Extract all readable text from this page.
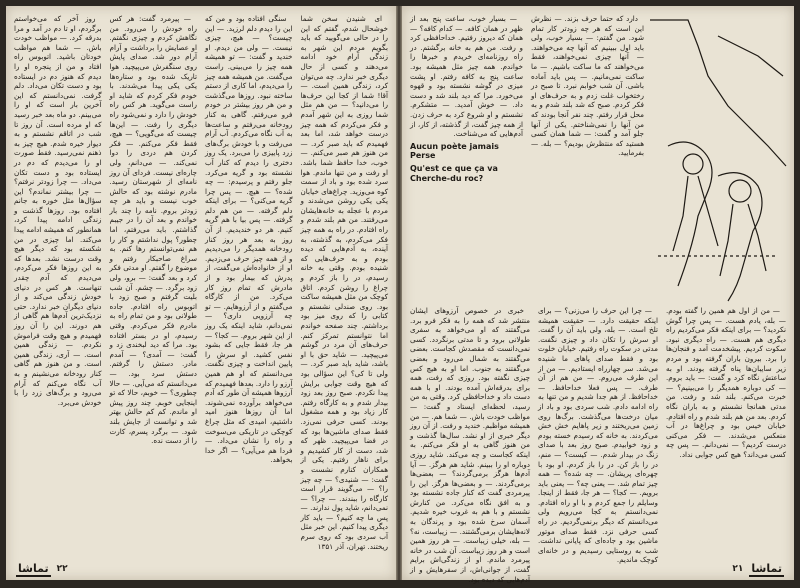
ای شنیدن سخن شما خوشحال شدم، گفتم که این را در حالی می‌گویید که باید بگویم مردم این شهر به زندگی آرام خود ادامه می‌دهند و کسی از حال دیگری خبر ندارد. چه می‌توان کرد، زندگی همین است. — آقا! شما از کجا این حرف‌ها را می‌دانید؟ — من هم مثل شما روزی به این شهر آمدم و فکر می‌کردم که همه چیز درست خواهد شد، اما بعد فهمیدم که باید صبر کرد. — من هنوز هم صبر می‌کنم. — خوب، خدا حافظ شما باشد. او رفت و من تنها ماندم. هوا سرد شده بود و باد از سمت کوه می‌وزید. چراغ‌های خیابان یکی یکی روشن می‌شدند و مردم با عجله به خانه‌هایشان می‌رفتند. من هم بلند شدم و راه افتادم. در راه به همه چیز فکر می‌کردم، به گذشته، به آینده، به آدم‌هایی که دیده بودم و به حرف‌هایی که شنیده بودم. وقتی به خانه رسیدم، در را باز کردم و چراغ را روشن کردم. اتاق کوچک من مثل همیشه ساکت بود. روی صندلی نشستم و کتابی را که روی میز بود برداشتم. چند صفحه خواندم اما نتوانستم تمرکز کنم. حرف‌های آن مرد در گوشم می‌پیچید. — شاید حق با او باشد، شاید باید صبر کرد. — ولی تا کی؟ این سؤالی بود که هیچ وقت جوابی برایش پیدا نکردم. صبح روز بعد زود بیدار شدم و به کارگاه رفتم. کار زیاد بود و همه مشغول بودند. کسی حرفی نمی‌زد. فقط صدای ماشین‌ها بود که در فضا می‌پیچید. ظهر که شد، دست از کار کشیدیم و برای ناهار رفتیم. یکی از همکاران کنارم نشست و گفت: — شنیدی؟ — چه چیز را؟ — می‌گویند قرار است کارگاه را ببندند. — چرا؟ — نمی‌دانم، شاید پول ندارند. — پس ما چه کنیم؟ — باید کار دیگری پیدا کنیم. این خبر مثل آب سردی بود که روی سرم ریختند. تهران، آذر ۱۳۵۱

سنگی افتاده بود و من که این را دیدم دلم لرزید. — این چیست؟ — هیچ، چیزی نیست. — ولی من دیدم. او خندید و گفت: — تو همیشه همه چیز را می‌بینی. راست می‌گفت. من همیشه همه چیز را می‌دیدم، اما کاری از دستم ساخته نبود. روزها می‌گذشت و من هر روز بیشتر در خودم فرو می‌رفتم. گاهی به کنار رودخانه می‌رفتم و ساعت‌ها به آب نگاه می‌کردم. آب آرام می‌رفت و با خودش برگ‌های زرد پاییزی را می‌برد. یک روز دختری را دیدم که کنار آب نشسته بود و گریه می‌کرد. جلو رفتم و پرسیدم: — چه شده؟ — هیچ. — پس چرا گریه می‌کنی؟ — برای اینکه دلم گرفته. — من هم دلم گرفته. — پس بیا با هم گریه کنیم. هر دو خندیدیم. از آن روز به بعد هر روز کنار رودخانه همدیگر را می‌دیدیم و از همه چیز حرف می‌زدیم. او از خانواده‌اش می‌گفت، از پدرش که بیمار بود و از مادرش که تمام روز کار می‌کرد. من از کارگاه می‌گفتم و از آرزوهایم. — تو چه آرزویی داری؟ — نمی‌دانم، شاید اینکه یک روز از این شهر بروم. — کجا؟ — هر جا، فقط جایی که بشود نفس کشید. او سرش را پایین انداخت و چیزی نگفت. می‌دانستم که او هم همین آرزو را دارد. بعدها فهمیدم که آرزوها همیشه آن طور که آدم می‌خواهد برآورده نمی‌شوند. اما آن روزها هنوز امید داشتیم، امیدی که مثل چراغ کوچکی در تاریکی می‌سوخت و راه را نشان می‌داد. — فردا هم می‌آیی؟ — اگر خدا بخواهد.

— پیرمرد گفت: هر کس راه خودش را می‌رود. من نگاهش کردم و چیزی نگفتم. او عصایش را برداشت و آرام آرام دور شد. صدای پایش روی سنگفرش می‌پیچید. هوا تاریک شده بود و ستاره‌ها یکی یکی پیدا می‌شدند. با خودم فکر کردم که شاید او راست می‌گوید. هر کس راه خودش را دارد و نمی‌شود راه دیگری را رفت. — این‌ها چیست که می‌گویی؟ — هیچ، فقط فکر می‌کنم. — فکر کردن هم دردی را دوا نمی‌کند. — می‌دانم، ولی چاره‌ای نیست. فردای آن روز نامه‌ای از شهرستان رسید. مادرم نوشته بود که حالش خوب نیست و باید هر چه زودتر بروم. نامه را چند بار خواندم و بعد آن را در جیبم گذاشتم. باید می‌رفتم، اما چطور؟ پول نداشتم و کار را هم نمی‌توانستم رها کنم. به سراغ صاحبکار رفتم و موضوع را گفتم. او مدتی فکر کرد و بعد گفت: — برو، ولی زود برگرد. — چشم. آن شب بلیت گرفتم و صبح زود با اتوبوس راه افتادم. جاده طولانی بود و من تمام راه به مادرم فکر می‌کردم. وقتی رسیدم، او در بستر افتاده بود. مرا که دید لبخندی زد و گفت: — آمدی؟ — آمدم مادر. دستش را گرفتم. دستش سرد بود. — می‌دانستم که می‌آیی. — حالا چطوری؟ — خوبم، حالا که تو اینجایی خوبم. چند روز پیش او ماندم. کم کم حالش بهتر شد و توانست از جایش بلند شود. — برگرد پسرم، کارت را از دست نده.

روز آخر که می‌خواستم برگردم، او تا دم در آمد و مرا بدرقه کرد. — مواظب خودت باش. — شما هم مواظب خودتان باشید. اتوبوس راه افتاد و من از پنجره او را دیدم که هنوز دم در ایستاده بود و دست تکان می‌داد. دلم گرفت. نمی‌دانستم که این آخرین بار است که او را می‌بینم. دو ماه بعد خبر رسید که او مرده است. آن روز تا شب در اتاقم نشستم و به دیوار خیره شدم. هیچ چیز به ذهنم نمی‌رسید. فقط صورت او را می‌دیدم که دم در ایستاده بود و دست تکان می‌داد. — چرا زودتر نرفتم؟ — چرا بیشتر نماندم؟ این سؤال‌ها مثل خوره به جانم افتاده بود. روزها گذشت و زندگی ادامه پیدا کرد، همانطور که همیشه ادامه پیدا می‌کند. اما چیزی در من شکسته بود که دیگر هیچ وقت درست نشد. بعدها که به این روزها فکر می‌کردم، می‌دیدم که آدم چقدر تنهاست. هر کس در دنیای خودش زندگی می‌کند و از دنیای دیگران خبر ندارد. حتی نزدیک‌ترین آدم‌ها هم گاهی از هم دورند. این را آن روز فهمیدم و هیچ وقت فراموش نکردم. — زندگی همین است. — آری، زندگی همین است. و من هنوز هم گاهی کنار رودخانه می‌نشینم و به آب نگاه می‌کنم که آرام می‌رود و برگ‌های زرد را با خودش می‌برد.

تماشا ۲۲

دارد که حتما حرف بزند. — نظرش این است که هر چه زودتر کار تمام شود. من گفتم: — بسیار خوب، ولی باید اول ببینیم که آنها چه می‌خواهند. — آنها چیزی نمی‌خواهند، فقط می‌خواهند که ما ساکت باشیم. — ما ساکت نمی‌مانیم. — پس باید آماده باشی. آن شب خوابم نبرد. تا صبح در رختخواب غلت زدم و به حرف‌های او فکر کردم. صبح که شد بلند شدم و به محل قرار رفتم. چند نفر آنجا بودند که من آنها را نمی‌شناختم. یکی از آنها جلو آمد و گفت: — شما همان کسی هستید که منتظرش بودیم؟ — بله. — بفرمایید.

— بسیار خوب، ساعت پنج بعد از ظهر در همان کافه. — کدام کافه؟ — همان که دیروز رفتیم. خداحافظی کرد و رفت. من هم به خانه برگشتم. در راه روزنامه‌ای خریدم و خبرها را خواندم. همه چیز مثل همیشه بود. ساعت پنج به کافه رفتم. او پشت میزی در گوشه نشسته بود و قهوه می‌خورد. مرا که دید بلند شد و دست داد. — خوش آمدید. — متشکرم. نشستم و او شروع کرد به حرف زدن. از همه چیز گفت، از گذشته، از کار، از آدم‌هایی که می‌شناخت.

Aucun poète jamais Perse
Qu'est ce que ça va Cherche-du roc?

— من از اول هم همین را گفته بودم. — بله، یادم هست. — پس چرا گوش نکردید؟ — برای اینکه فکر می‌کردیم راه دیگری هم هست. — راه دیگری نبود. سکوت کردیم. پیشخدمت آمد و فنجان‌ها را برد. بیرون باران گرفته بود و مردم زیر سایبان‌ها پناه گرفته بودند. او به ساعتش نگاه کرد و گفت: — باید بروم. — کی دوباره همدیگر را می‌بینیم؟ — خبرت می‌کنم. بلند شد و رفت. من مدتی همانجا نشستم و به باران نگاه کردم. بعد من هم بلند شدم و راه افتادم. خیابان خیس بود و چراغ‌ها در آب منعکس می‌شدند. — فکر می‌کنی درست کردیم؟ — نمی‌دانم. — پس چه کسی می‌داند؟ هیچ کس جوابی نداد.

— چرا این حرف را می‌زنی؟ — برای اینکه حقیقت دارد. — حقیقت همیشه تلخ است. — بله، ولی باید آن را گفت. او سرش را تکان داد و چیزی نگفت. مدتی در سکوت راه رفتیم. خیابان خلوت بود و فقط صدای پاهای ما شنیده می‌شد. سر چهارراه ایستادیم. — من از این طرف می‌روم. — من هم از آن طرف. — پس فعلا خداحافظ. — خداحافظ. از هم جدا شدیم و من تنها به راه ادامه دادم. شب سردی بود و باد از میان درخت‌ها می‌گذشت. برگ‌ها روی زمین می‌ریختند و زیر پاهایم خش خش می‌کردند. به خانه که رسیدم خسته بودم و زود خوابیدم. صبح روز بعد با صدای زنگ در بیدار شدم. — کیست؟ — منم، در را باز کن. در را باز کردم. او بود با چهره‌ای پریشان. — چه شده؟ — همه چیز تمام شد. — یعنی چه؟ — یعنی باید برویم. — کجا؟ — هر جا، فقط از اینجا. وسایلم را جمع کردم و با او راه افتادم. نمی‌دانستم به کجا می‌رویم ولی می‌دانستم که دیگر برنمی‌گردیم. در راه کسی حرفی نزد. فقط صدای موتور ماشین بود و جاده‌ای که پایانی نداشت. شب به روستایی رسیدیم و در خانه‌ای کوچک ماندیم.

خبری در خصوص آرزوهای ایشان منتشر شد که همه را به فکر فرو برد. می‌گفتند که او می‌خواهد به سفری طولانی برود و تا مدتی برنگردد. کسی نمی‌دانست که مقصدش کجاست. بعضی می‌گفتند به شمال می‌رود و بعضی می‌گفتند به جنوب. اما او به هیچ کس چیزی نگفته بود. روزی که رفت، همه برای بدرقه‌اش آمده بودند. او با همه دست داد و خداحافظی کرد. وقتی به من رسید، لحظه‌ای ایستاد و گفت: — مواظب خودت باش. — شما هم. — من همیشه مواظبم. خندید و رفت. از آن روز دیگر خبری از او نشد. سال‌ها گذشت و من هنوز گاهی به او فکر می‌کنم. به اینکه کجاست و چه می‌کند. شاید روزی دوباره او را ببینم. شاید هم هرگز. — آیا آدم‌ها هرگز برمی‌گردند؟ — بعضی‌ها برمی‌گردند. — و بعضی‌ها هرگز. این را پیرمردی گفت که کنار جاده نشسته بود و به افق نگاه می‌کرد. من کنارش نشستم و با هم به غروب خیره شدیم. آسمان سرخ شده بود و پرندگان به لانه‌هایشان برمی‌گشتند. — زیباست، نه؟ — بله، خیلی زیباست. — هر روز همین است و هر روز زیباست. آن شب در خانه پیرمرد ماندم. او از زندگی‌اش برایم گفت، از جوانی‌اش، از سفرهایش و از آدم‌هایی که دیده بود.

تماشا
۲۱
